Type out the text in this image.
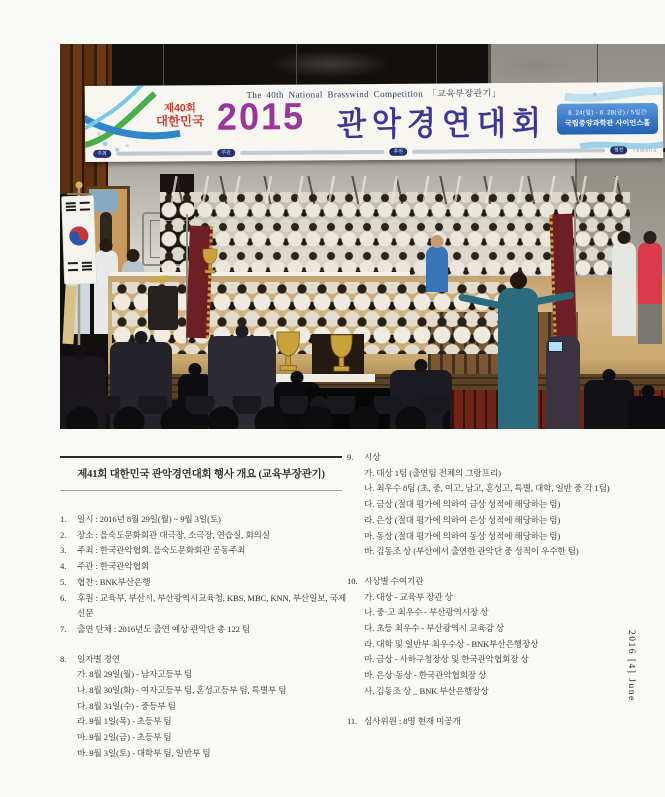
The 40th National Brasswind Competition 「교육부장관기」
제40회
대한민국 2015 관악경연대회	8. 24(월) - 8. 28(금) / 5일간
국립중앙과학관 사이언스홀
주최	주관	후원	협찬	YAMAHA
제41회 대한민국 관악경연대회 행사 개요 (교육부장관기)
1.	일시 : 2016년 8월 29일(월) ~ 9월 3일(토)
2.	장소 : 을숙도문화회관 대극장, 소극장, 연습실, 회의실
3.	주최 : 한국관악협회. 을숙도문화회관 공동주최
4.	주관 : 한국관악협회
5.	협찬 : BNK부산은행
6.	후원 : 교육부, 부산시, 부산광역시교육청, KBS, MBC, KNN, 부산일보, 국제신문
7.	출연 단체 : 2016년도 출연 예상 관악단 총 122 팀
8.	일자별 경연
가. 8월 29일(월) - 남자고등부 팀
나. 8월 30일(화) - 여자고등부 팀, 혼성고등부 팀, 특별부 팀
다. 8월 31일(수) - 중등부 팀
라. 9월 1일(목) - 초등부 팀
마. 9월 2일(금) - 초등부 팀
바. 9월 3일(토) - 대학부 팀, 일반부 팀
9.	시상
가. 대상 1팀 (출연팀 전체의 그랑프리)
나. 최우수 8팀 (초, 중, 여고, 남고, 혼성고, 특별, 대학, 일반 중 각 1팀)
다. 금상 (절대 평가에 의하여 금상 성적에 해당하는 팀)
라. 은상 (절대 평가에 의하여 은상 성적에 해당하는 팀)
마. 동상 (절대 평가에 의하여 동상 성적에 해당하는 팀)
바. 김동조 상 (부산에서 출연한 관악단 중 성적이 우수한 팀)
10. 시상별 수여기관
가. 대상 - 교육부 장관 상
나. 중·고 최우수 - 부산광역시장 상
다. 초등 최우수 - 부산광역시 교육감 상
라. 대학 및 일반부 최우수상 - BNK부산은행장상
마. 금상 - 사하구청장상 및 한국관악협회장 상
바. 은상·동상 - 한국관악협회장 상
사. 김동조 상 _ BNK 부산은행장상
11. 심사위원 : 8명 현재 미공개
2016 [4] June
